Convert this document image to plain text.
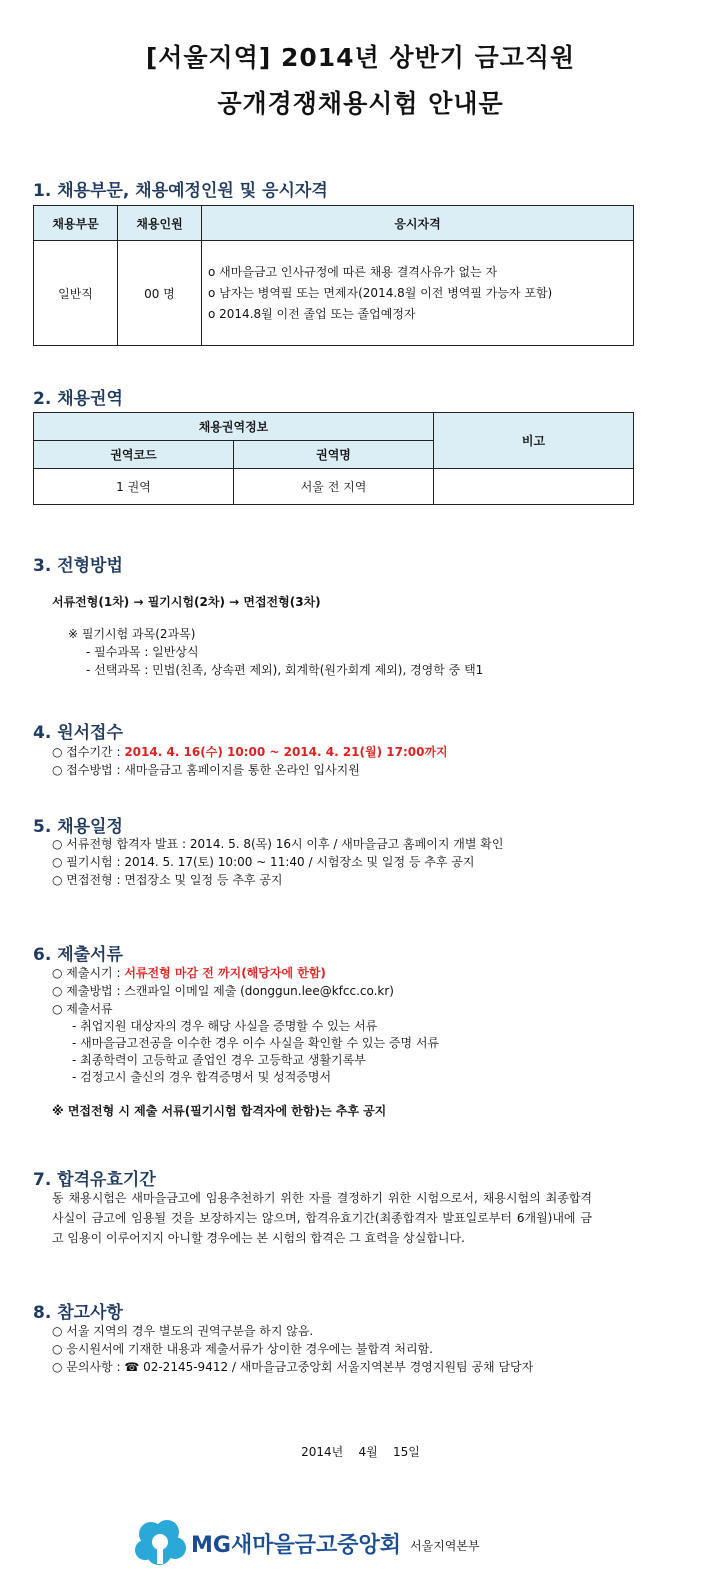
[서울지역] 2014년 상반기 금고직원
공개경쟁채용시험 안내문
1. 채용부문, 채용예정인원 및 응시자격
채용부문	채용인원	응시자격
일반직	00 명	o 새마을금고 인사규정에 따른 채용 결격사유가 없는 자
o 남자는 병역필 또는 면제자(2014.8월 이전 병역필 가능자 포함)
o 2014.8월 이전 졸업 또는 졸업예정자
2. 채용권역
채용권역정보		비고
권역코드	권역명	
1 권역	서울 전 지역	
3. 전형방법
서류전형(1차) → 필기시험(2차) → 면접전형(3차)
※ 필기시험 과목(2과목)
- 필수과목 : 일반상식
- 선택과목 : 민법(친족, 상속편 제외), 회계학(원가회계 제외), 경영학 중 택1
4. 원서접수
○ 접수기간 : 2014. 4. 16(수) 10:00 ~ 2014. 4. 21(월) 17:00까지
○ 접수방법 : 새마을금고 홈페이지를 통한 온라인 입사지원
5. 채용일정
○ 서류전형 합격자 발표 : 2014. 5. 8(목) 16시 이후 / 새마을금고 홈페이지 개별 확인
○ 필기시험 : 2014. 5. 17(토) 10:00 ~ 11:40 / 시험장소 및 일정 등 추후 공지
○ 면접전형 : 면접장소 및 일정 등 추후 공지
6. 제출서류
○ 제출시기 : 서류전형 마감 전 까지(해당자에 한함)
○ 제출방법 : 스캔파일 이메일 제출 (donggun.lee@kfcc.co.kr)
○ 제출서류
- 취업지원 대상자의 경우 해당 사실을 증명할 수 있는 서류
- 새마을금고전공을 이수한 경우 이수 사실을 확인할 수 있는 증명 서류
- 최종학력이 고등학교 졸업인 경우 고등학교 생활기록부
- 검정고시 출신의 경우 합격증명서 및 성적증명서
※ 면접전형 시 제출 서류(필기시험 합격자에 한함)는 추후 공지
7. 합격유효기간
동 채용시험은 새마을금고에 임용추천하기 위한 자를 결정하기 위한 시험으로서, 채용시험의 최종합격 사실이 금고에 임용될 것을 보장하지는 않으며, 합격유효기간(최종합격자 발표일로부터 6개월)내에 금고 임용이 이루어지지 아니할 경우에는 본 시험의 합격은 그 효력을 상실합니다.
8. 참고사항
○ 서울 지역의 경우 별도의 권역구분을 하지 않음.
○ 응시원서에 기재한 내용과 제출서류가 상이한 경우에는 불합격 처리함.
○ 문의사항 : ☎ 02-2145-9412 / 새마을금고중앙회 서울지역본부 경영지원팀 공채 담당자
2014년    4월    15일
MG새마을금고중앙회 서울지역본부
